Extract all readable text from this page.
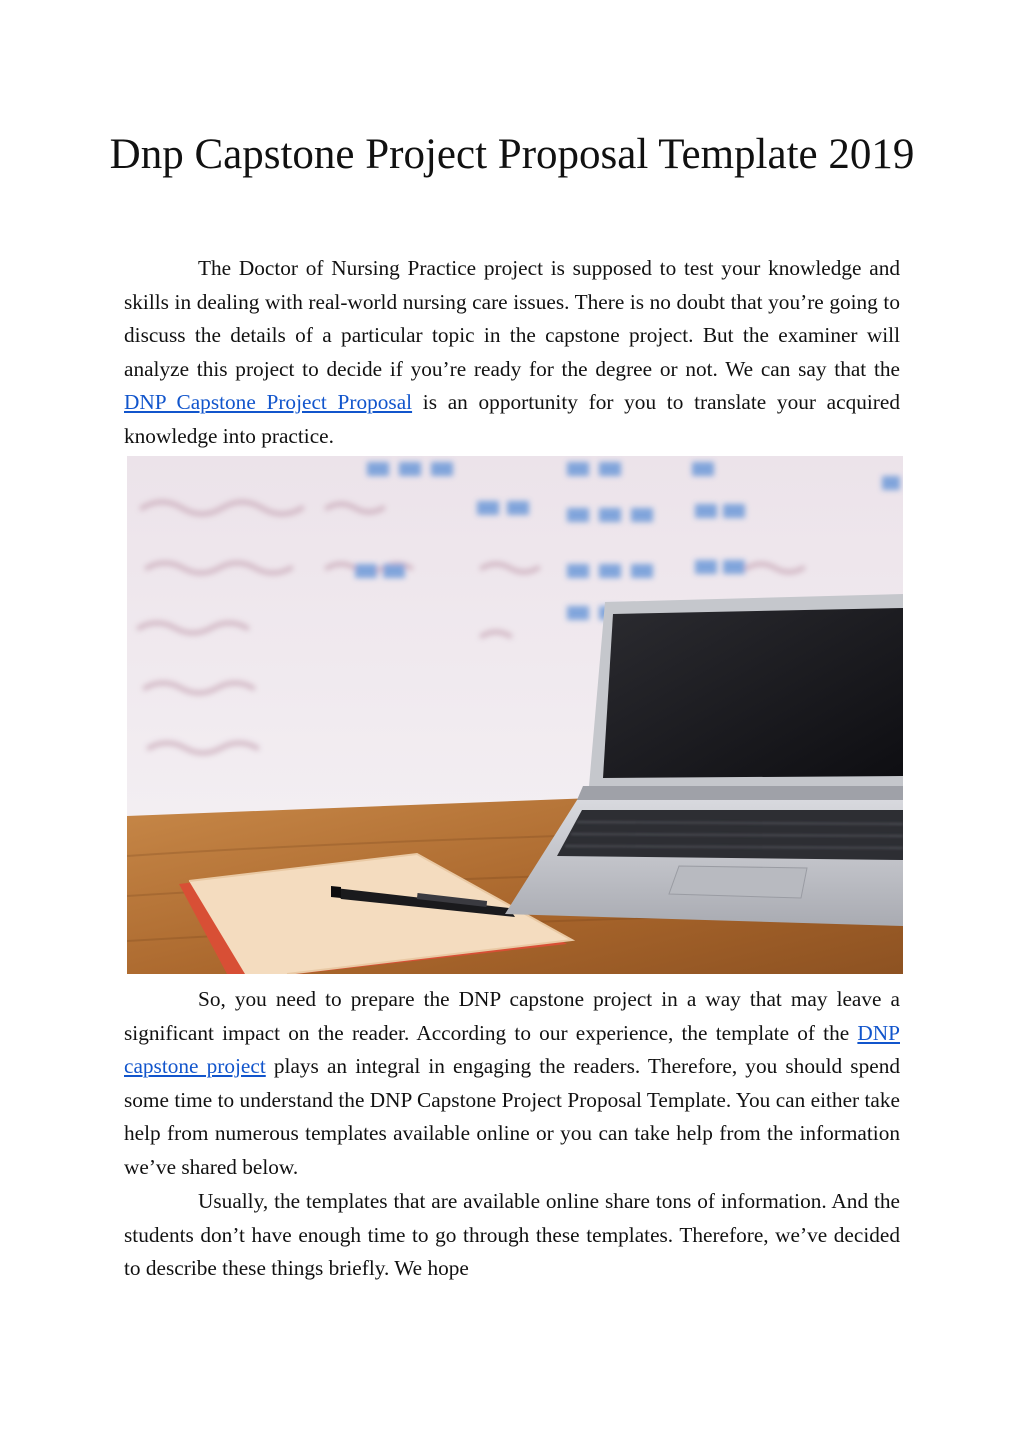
Dnp Capstone Project Proposal Template 2019

The Doctor of Nursing Practice project is supposed to test your knowledge and skills in dealing with real-world nursing care issues. There is no doubt that you’re going to discuss the details of a particular topic in the capstone project. But the examiner will analyze this project to decide if you’re ready for the degree or not. We can say that the DNP Capstone Project Proposal is an opportunity for you to translate your acquired knowledge into practice.

So, you need to prepare the DNP capstone project in a way that may leave a significant impact on the reader. According to our experience, the template of the DNP capstone project plays an integral in engaging the readers. Therefore, you should spend some time to understand the DNP Capstone Project Proposal Template. You can either take help from numerous templates available online or you can take help from the information we’ve shared below.

Usually, the templates that are available online share tons of information. And the students don’t have enough time to go through these templates. Therefore, we’ve decided to describe these things briefly. We hope
